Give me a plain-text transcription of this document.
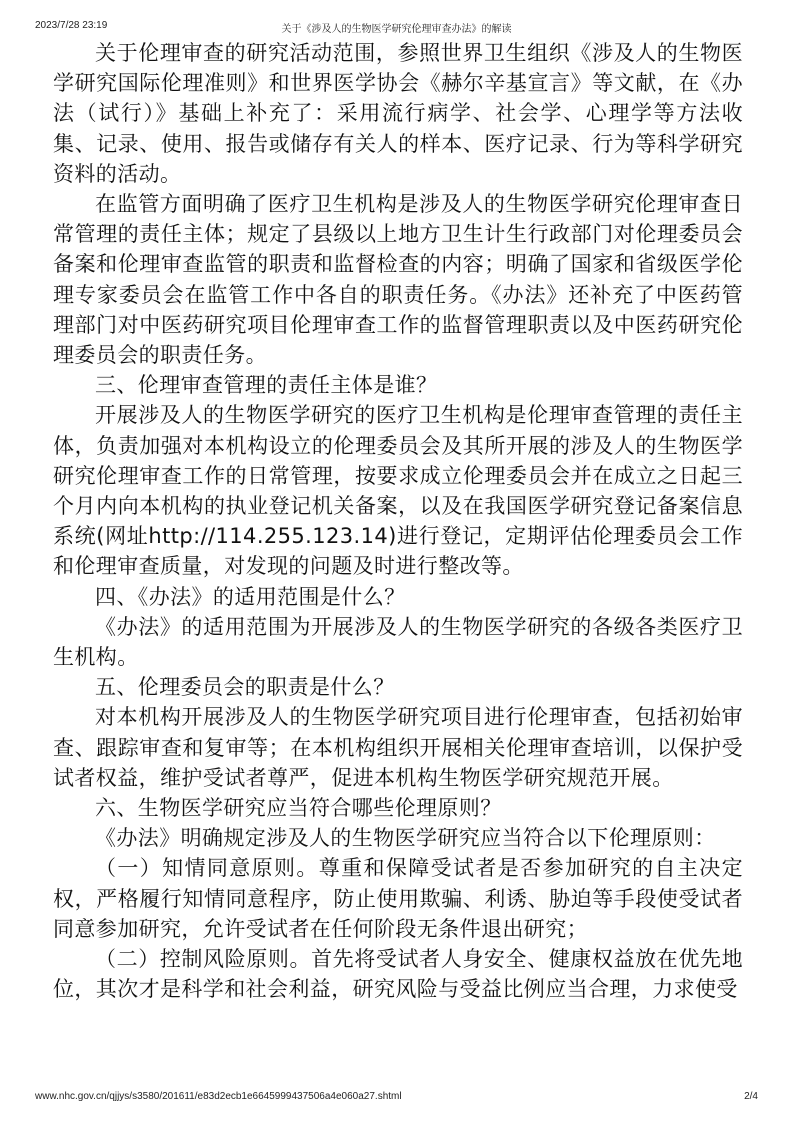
2023/7/28 23:19	关于《涉及人的生物医学研究伦理审查办法》的解读

关于伦理审查的研究活动范围，参照世界卫生组织《涉及人的生物医学研究国际伦理准则》和世界医学协会《赫尔辛基宣言》等文献，在《办法（试行）》基础上补充了：采用流行病学、社会学、心理学等方法收集、记录、使用、报告或储存有关人的样本、医疗记录、行为等科学研究资料的活动。

在监管方面明确了医疗卫生机构是涉及人的生物医学研究伦理审查日常管理的责任主体；规定了县级以上地方卫生计生行政部门对伦理委员会备案和伦理审查监管的职责和监督检查的内容；明确了国家和省级医学伦理专家委员会在监管工作中各自的职责任务。《办法》还补充了中医药管理部门对中医药研究项目伦理审查工作的监督管理职责以及中医药研究伦理委员会的职责任务。

三、伦理审查管理的责任主体是谁？

开展涉及人的生物医学研究的医疗卫生机构是伦理审查管理的责任主体，负责加强对本机构设立的伦理委员会及其所开展的涉及人的生物医学研究伦理审查工作的日常管理，按要求成立伦理委员会并在成立之日起三个月内向本机构的执业登记机关备案，以及在我国医学研究登记备案信息系统(网址http://114.255.123.14)进行登记，定期评估伦理委员会工作和伦理审查质量，对发现的问题及时进行整改等。

四、《办法》的适用范围是什么？

《办法》的适用范围为开展涉及人的生物医学研究的各级各类医疗卫生机构。

五、伦理委员会的职责是什么？

对本机构开展涉及人的生物医学研究项目进行伦理审查，包括初始审查、跟踪审查和复审等；在本机构组织开展相关伦理审查培训，以保护受试者权益，维护受试者尊严，促进本机构生物医学研究规范开展。

六、生物医学研究应当符合哪些伦理原则？

《办法》明确规定涉及人的生物医学研究应当符合以下伦理原则：

（一）知情同意原则。尊重和保障受试者是否参加研究的自主决定权，严格履行知情同意程序，防止使用欺骗、利诱、胁迫等手段使受试者同意参加研究，允许受试者在任何阶段无条件退出研究；

（二）控制风险原则。首先将受试者人身安全、健康权益放在优先地位，其次才是科学和社会利益，研究风险与受益比例应当合理，力求使受

www.nhc.gov.cn/qjjys/s3580/201611/e83d2ecb1e6645999437506a4e060a27.shtml	2/4
